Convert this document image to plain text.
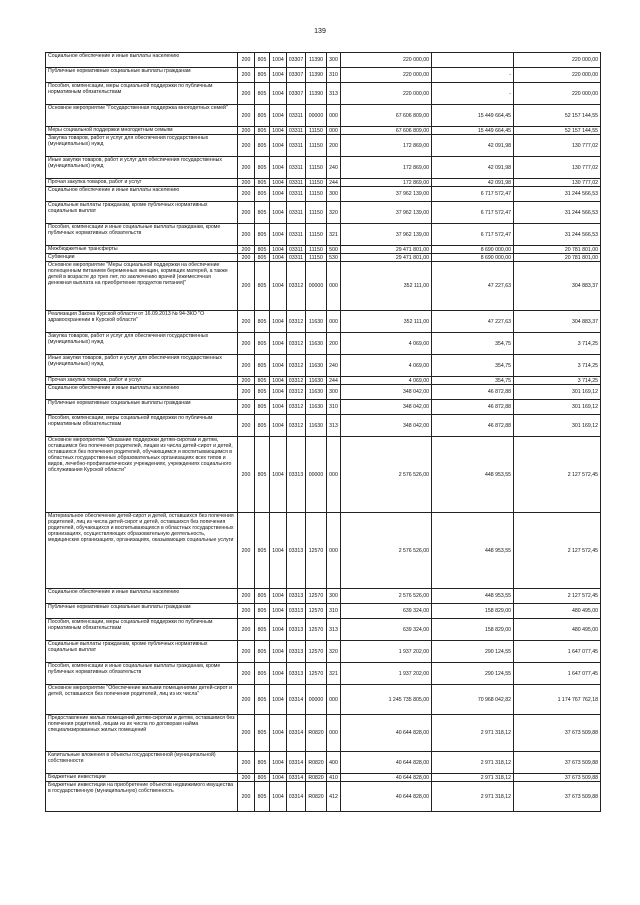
139
Социальное обеспечение и иные выплаты населению	200	805	1004	03307	11390	300	220 000,00		220 000,00
Публичные нормативные социальные выплаты гражданам	200	805	1004	03307	11390	310	220 000,00	-	220 000,00
Пособия, компенсации, меры социальной поддержки по публичным нормативным обязательствам	200	805	1004	03307	11390	313	220 000,00	-	220 000,00
Основное мероприятие "Государственная поддержка многодетных семей"	200	805	1004	03311	00000	000	67 606 809,00	15 449 664,45	52 157 144,55
Меры социальной поддержки многодетным семьям	200	805	1004	03311	11150	000	67 606 809,00	15 449 664,45	52 157 144,55
Закупка товаров, работ и услуг для обеспечения государственных (муниципальных) нужд	200	805	1004	03311	11150	200	172 869,00	42 091,98	130 777,02
Иные закупки товаров, работ и услуг для обеспечения государственных (муниципальных) нужд	200	805	1004	03311	11150	240	172 869,00	42 091,98	130 777,02
Прочая закупка товаров, работ и услуг	200	805	1004	03311	11150	244	172 869,00	42 091,98	130 777,02
Социальное обеспечение и иные выплаты населению	200	805	1004	03311	11150	300	37 962 139,00	6 717 572,47	31 244 566,53
Социальные выплаты гражданам, кроме публичных нормативных социальных выплат	200	805	1004	03311	11150	320	37 962 139,00	6 717 572,47	31 244 566,53
Пособия, компенсации и иные социальные выплаты гражданам, кроме публичных нормативных обязательств	200	805	1004	03311	11150	321	37 962 139,00	6 717 572,47	31 244 566,53
Межбюджетные трансферты	200	805	1004	03311	11150	500	29 471 801,00	8 690 000,00	20 781 801,00
Субвенции	200	805	1004	03311	11150	530	29 471 801,00	8 690 000,00	20 781 801,00
Основное мероприятие "Меры социальной поддержки на обеспечение полноценным питанием беременных женщин, кормящих матерей, а также детей в возрасте до трех лет, по заключению врачей (ежемесячная денежная выплата на приобретение продуктов питания)"	200	805	1004	03312	00000	000	352 111,00	47 227,63	304 883,37
Реализация Закона Курской области от 16.09.2013 № 94-ЗКО "О здравоохранении в Курской области"	200	805	1004	03312	11630	000	352 111,00	47 227,63	304 883,37
Закупка товаров, работ и услуг для обеспечения государственных (муниципальных) нужд	200	805	1004	03312	11630	200	4 069,00	354,75	3 714,25
Иные закупки товаров, работ и услуг для обеспечения государственных (муниципальных) нужд	200	805	1004	03312	11630	240	4 069,00	354,75	3 714,25
Прочая закупка товаров, работ и услуг	200	805	1004	03312	11630	244	4 069,00	354,75	3 714,25
Социальное обеспечение и иные выплаты населению	200	805	1004	03312	11630	300	348 042,00	46 872,88	301 169,12
Публичные нормативные социальные выплаты гражданам	200	805	1004	03312	11630	310	348 042,00	46 872,88	301 169,12
Пособия, компенсации, меры социальной поддержки по публичным нормативным обязательствам	200	805	1004	03312	11630	313	348 042,00	46 872,88	301 169,12
Основное мероприятие "Оказание поддержки детям-сиротам и детям, оставшимся без попечения родителей, лицам из числа детей-сирот и детей, оставшихся без попечения родителей, обучающимся и воспитывающимся в областных государственных образовательных организациях всех типов и видов, лечебно-профилактических учреждениях, учреждениях социального обслуживания Курской области"	200	805	1004	03313	00000	000	2 576 526,00	448 953,55	2 127 572,45
Материальное обеспечение детей-сирот и детей, оставшихся без попечения родителей, лиц из числа детей-сирот и детей, оставшихся без попечения родителей, обучающихся и воспитывающихся в областных государственных организациях, осуществляющих образовательную деятельность, медицинских организациях, организациях, оказывающих социальные услуги	200	805	1004	03313	12570	000	2 576 526,00	448 953,55	2 127 572,45
Социальное обеспечение и иные выплаты населению	200	805	1004	03313	12570	300	2 576 526,00	448 953,55	2 127 572,45
Публичные нормативные социальные выплаты гражданам	200	805	1004	03313	12570	310	639 324,00	158 829,00	480 495,00
Пособия, компенсации, меры социальной поддержки по публичным нормативным обязательствам	200	805	1004	03313	12570	313	639 324,00	158 829,00	480 495,00
Социальные выплаты гражданам, кроме публичных нормативных социальных выплат	200	805	1004	03313	12570	320	1 937 202,00	290 124,55	1 647 077,45
Пособия, компенсации и иные социальные выплаты гражданам, кроме публичных нормативных обязательств	200	805	1004	03313	12570	321	1 937 202,00	290 124,55	1 647 077,45
Основное мероприятие "Обеспечение жилыми помещениями детей-сирот и детей, оставшихся без попечения родителей, лиц из их числа"	200	805	1004	03314	00000	000	1 245 735 805,00	70 968 042,82	1 174 767 762,18
Предоставление жилых помещений детям-сиротам и детям, оставшимся без попечения родителей, лицам из их числа по договорам найма специализированных жилых помещений	200	805	1004	03314	R0820	000	40 644 828,00	2 971 318,12	37 673 509,88
Капитальные вложения в объекты государственной (муниципальной) собственности	200	805	1004	03314	R0820	400	40 644 828,00	2 971 318,12	37 673 509,88
Бюджетные инвестиции	200	805	1004	03314	R0820	410	40 644 828,00	2 971 318,12	37 673 509,88
Бюджетные инвестиции на приобретение объектов недвижимого имущества в государственную (муниципальную) собственность	200	805	1004	03314	R0820	412	40 644 828,00	2 971 318,12	37 673 509,88
